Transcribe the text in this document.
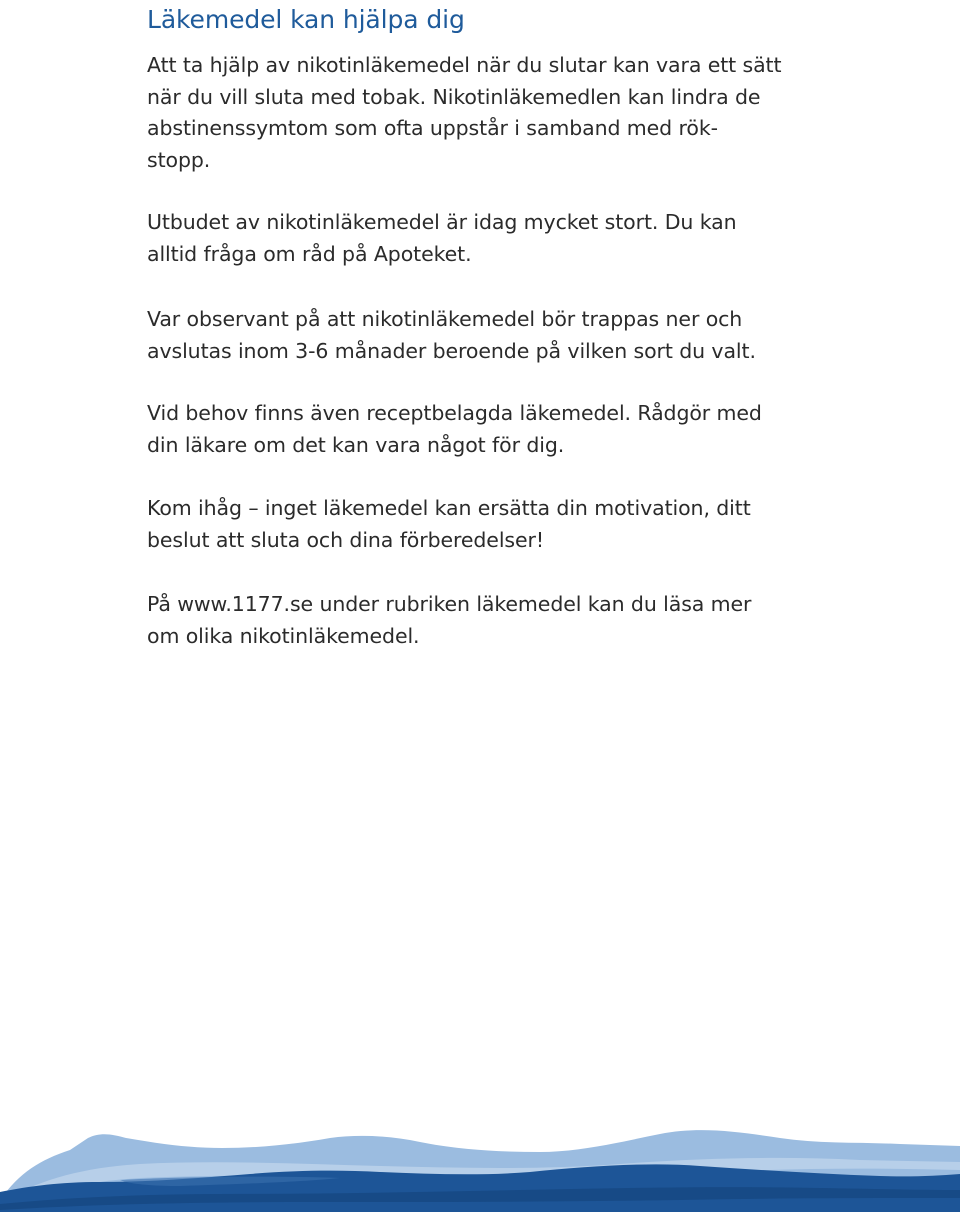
Läkemedel kan hjälpa dig

Att ta hjälp av nikotinläkemedel när du slutar kan vara ett sätt
när du vill sluta med tobak. Nikotinläkemedlen kan lindra de
abstinenssymtom som ofta uppstår i samband med rök-
stopp.

Utbudet av nikotinläkemedel är idag mycket stort. Du kan
alltid fråga om råd på Apoteket.

Var observant på att nikotinläkemedel bör trappas ner och
avslutas inom 3-6 månader beroende på vilken sort du valt.

Vid behov finns även receptbelagda läkemedel. Rådgör med
din läkare om det kan vara något för dig.

Kom ihåg – inget läkemedel kan ersätta din motivation, ditt
beslut att sluta och dina förberedelser!

På www.1177.se under rubriken läkemedel kan du läsa mer
om olika nikotinläkemedel.
